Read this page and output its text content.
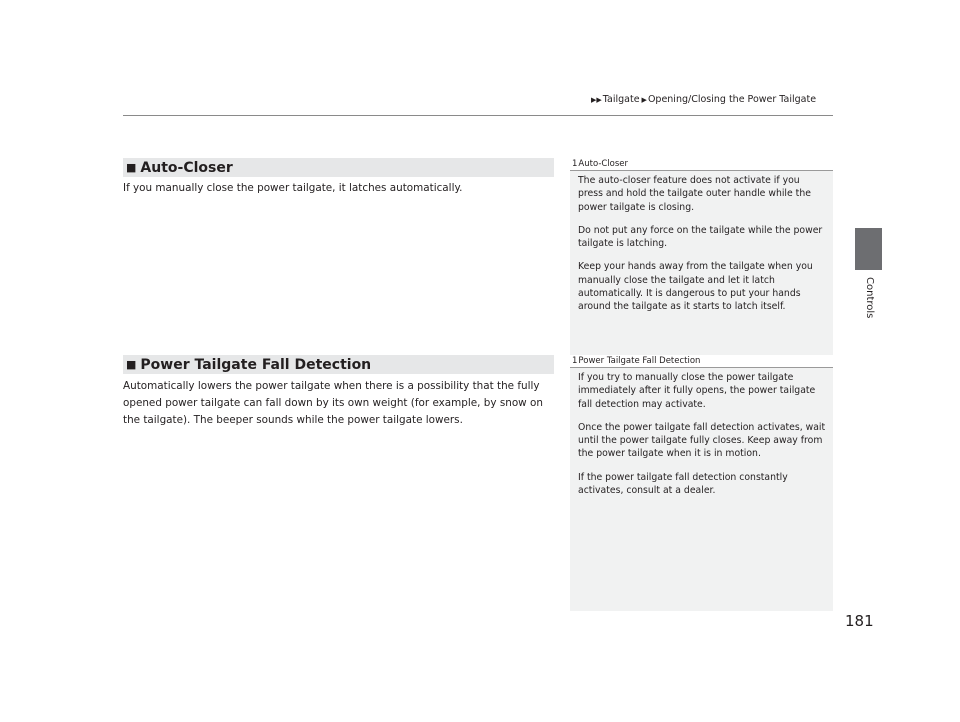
▶▶ Tailgate ▶ Opening/Closing the Power Tailgate
Controls
■ Auto-Closer

If you manually close the power tailgate, it latches automatically.

■ Power Tailgate Fall Detection

Automatically lowers the power tailgate when there is a possibility that the fully opened power tailgate can fall down by its own weight (for example, by snow on the tailgate). The beeper sounds while the power tailgate lowers.

1 Auto-Closer

The auto-closer feature does not activate if you press and hold the tailgate outer handle while the power tailgate is closing.

Do not put any force on the tailgate while the power tailgate is latching.

Keep your hands away from the tailgate when you manually close the tailgate and let it latch automatically. It is dangerous to put your hands around the tailgate as it starts to latch itself.

1 Power Tailgate Fall Detection

If you try to manually close the power tailgate immediately after it fully opens, the power tailgate fall detection may activate.

Once the power tailgate fall detection activates, wait until the power tailgate fully closes. Keep away from the power tailgate when it is in motion.

If the power tailgate fall detection constantly activates, consult at a dealer.

181
